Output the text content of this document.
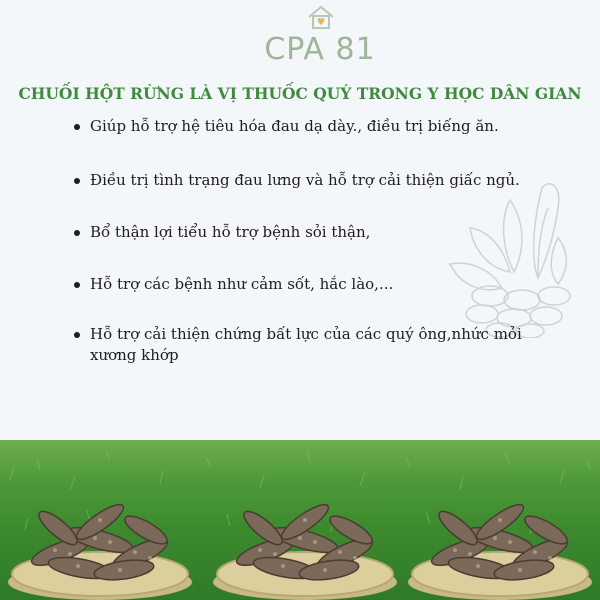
CPA 81
CHUỐI HỘT RỪNG LÀ VỊ THUỐC QUÝ TRONG Y HỌC DÂN GIAN
Giúp hỗ trợ hệ tiêu hóa đau dạ dày., điều trị biếng ăn.
Điều trị tình trạng đau lưng và hỗ trợ cải thiện giấc ngủ.
Bổ thận lợi tiểu hỗ trợ bệnh sỏi thận,
Hỗ trợ các bệnh như cảm sốt, hắc lào,...
Hỗ trợ cải thiện chứng bất lực của các quý ông,nhức mỏi xương khớp
